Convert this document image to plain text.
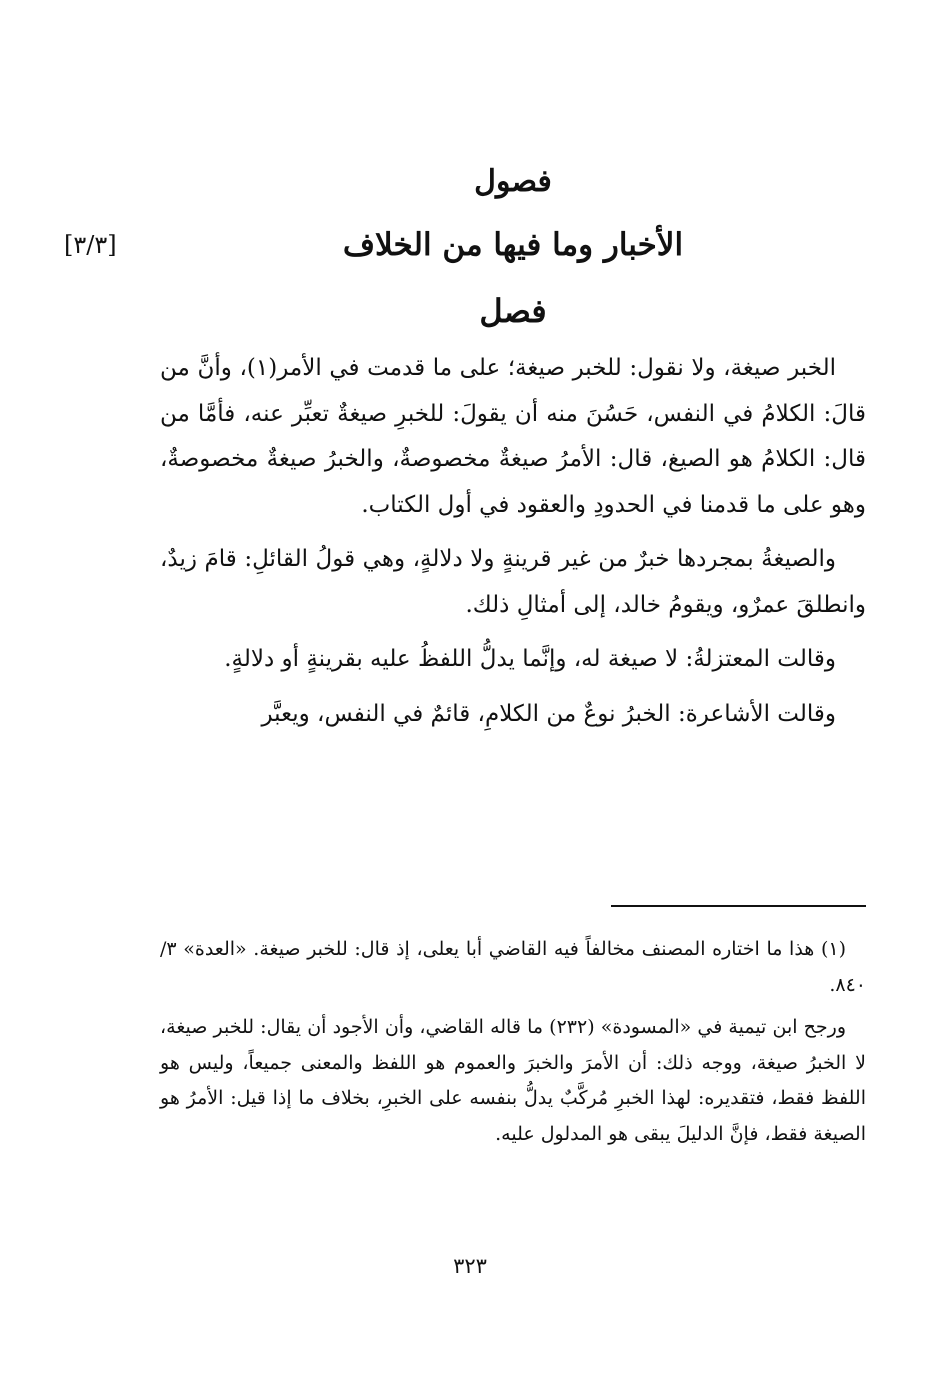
فصول
الأخبار وما فيها من الخلاف
[٣/٣]
فصل

الخبر صيغة، ولا نقول: للخبر صيغة؛ على ما قدمت في الأمر(١)، وأنَّ من قالَ: الكلامُ في النفس، حَسُنَ منه أن يقولَ: للخبرِ صيغةٌ تعبِّر عنه، فأمَّا من قال: الكلامُ هو الصيغ، قال: الأمرُ صيغةٌ مخصوصةٌ، والخبرُ صيغةٌ مخصوصةٌ، وهو على ما قدمنا في الحدودِ والعقود في أول الكتاب.

والصيغةُ بمجردها خبرٌ من غير قرينةٍ ولا دلالةٍ، وهي قولُ القائلِ: قامَ زيدٌ، وانطلقَ عمرٌو، ويقومُ خالد، إلى أمثالِ ذلك.

وقالت المعتزلةُ: لا صيغة له، وإنَّما يدلُّ اللفظُ عليه بقرينةٍ أو دلالةٍ.

وقالت الأشاعرة: الخبرُ نوعٌ من الكلامِ، قائمٌ في النفس، ويعبَّر

(١) هذا ما اختاره المصنف مخالفاً فيه القاضي أبا يعلى، إذ قال: للخبر صيغة. «العدة» ٣/ ٨٤٠.

ورجح ابن تيمية في «المسودة» (٢٣٢) ما قاله القاضي، وأن الأجود أن يقال: للخبر صيغة، لا الخبرُ صيغة، ووجه ذلك: أن الأمرَ والخبرَ والعموم هو اللفظ والمعنى جميعاً، وليس هو اللفظ فقط، فتقديره: لهذا الخبرِ مُركَّبٌ يدلُّ بنفسه على الخبرِ، بخلاف ما إذا قيل: الأمرُ هو الصيغة فقط، فإنَّ الدليلَ يبقى هو المدلول عليه.

٣٢٣
